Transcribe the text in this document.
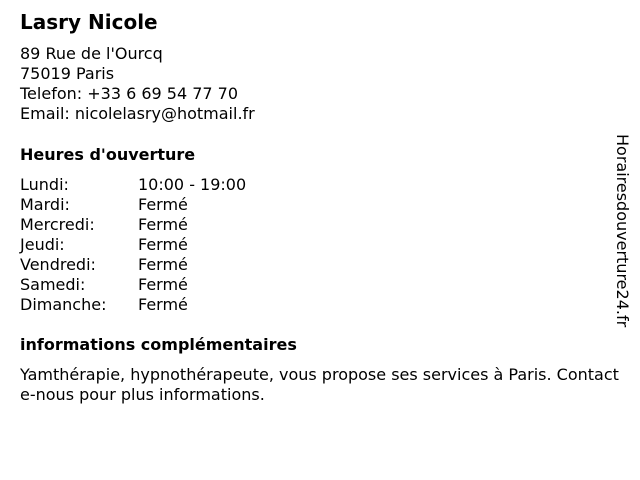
Lasry Nicole
89 Rue de l'Ourcq
75019 Paris
Telefon: +33 6 69 54 77 70
Email: nicolelasry@hotmail.fr
Heures d'ouverture
Lundi:	10:00 - 19:00
Mardi:	Fermé
Mercredi:	Fermé
Jeudi:	Fermé
Vendredi:	Fermé
Samedi:	Fermé
Dimanche: Fermé
informations complémentaires
Yamthérapie, hypnothérapeute, vous propose ses services à Paris. Contacte-nous pour plus informations.
Horairesdouverture24.fr
